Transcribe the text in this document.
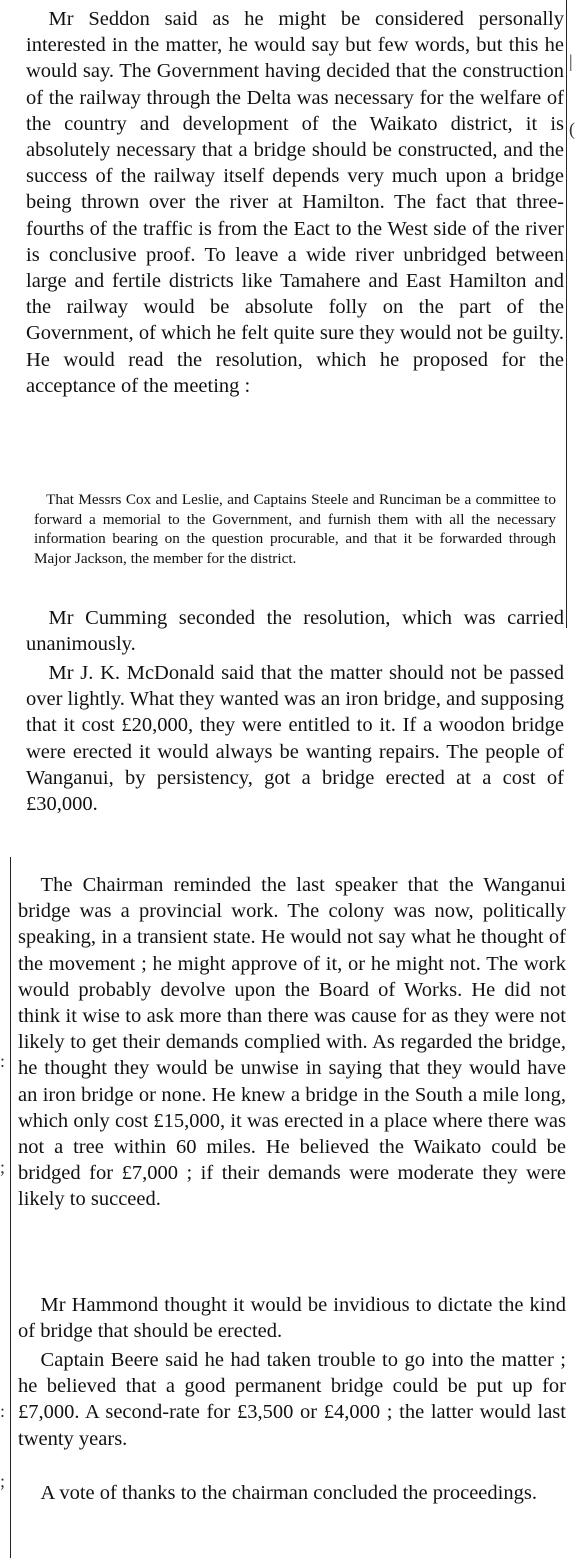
|
(
:
;
:
;

Mr Seddon said as he might be considered personally interested in the matter, he would say but few words, but this he would say. The Government having decided that the construction of the railway through the Delta was necessary for the welfare of the country and development of the Waikato district, it is absolutely necessary that a bridge should be constructed, and the success of the railway itself depends very much upon a bridge being thrown over the river at Hamilton. The fact that three-fourths of the traffic is from the Eact to the West side of the river is conclusive proof. To leave a wide river unbridged between large and fertile districts like Tamahere and East Hamilton and the railway would be absolute folly on the part of the Government, of which he felt quite sure they would not be guilty. He would read the resolution, which he proposed for the acceptance of the meeting :

That Messrs Cox and Leslie, and Captains Steele and Runciman be a committee to forward a memorial to the Government, and furnish them with all the necessary information bearing on the question procurable, and that it be forwarded through Major Jackson, the member for the district.

Mr Cumming seconded the resolution, which was carried unanimously.

Mr J. K. McDonald said that the matter should not be passed over lightly. What they wanted was an iron bridge, and supposing that it cost £20,000, they were entitled to it. If a woodon bridge were erected it would always be wanting repairs. The people of Wanganui, by persistency, got a bridge erected at a cost of £30,000.

The Chairman reminded the last speaker that the Wanganui bridge was a provincial work. The colony was now, politically speaking, in a transient state. He would not say what he thought of the movement ; he might approve of it, or he might not. The work would probably devolve upon the Board of Works. He did not think it wise to ask more than there was cause for as they were not likely to get their demands complied with. As regarded the bridge, he thought they would be unwise in saying that they would have an iron bridge or none. He knew a bridge in the South a mile long, which only cost £15,000, it was erected in a place where there was not a tree within 60 miles. He believed the Waikato could be bridged for £7,000 ; if their demands were moderate they were likely to succeed.

Mr Hammond thought it would be invidious to dictate the kind of bridge that should be erected.

Captain Beere said he had taken trouble to go into the matter ; he believed that a good permanent bridge could be put up for £7,000. A second-rate for £3,500 or £4,000 ; the latter would last twenty years.

A vote of thanks to the chairman concluded the proceedings.
